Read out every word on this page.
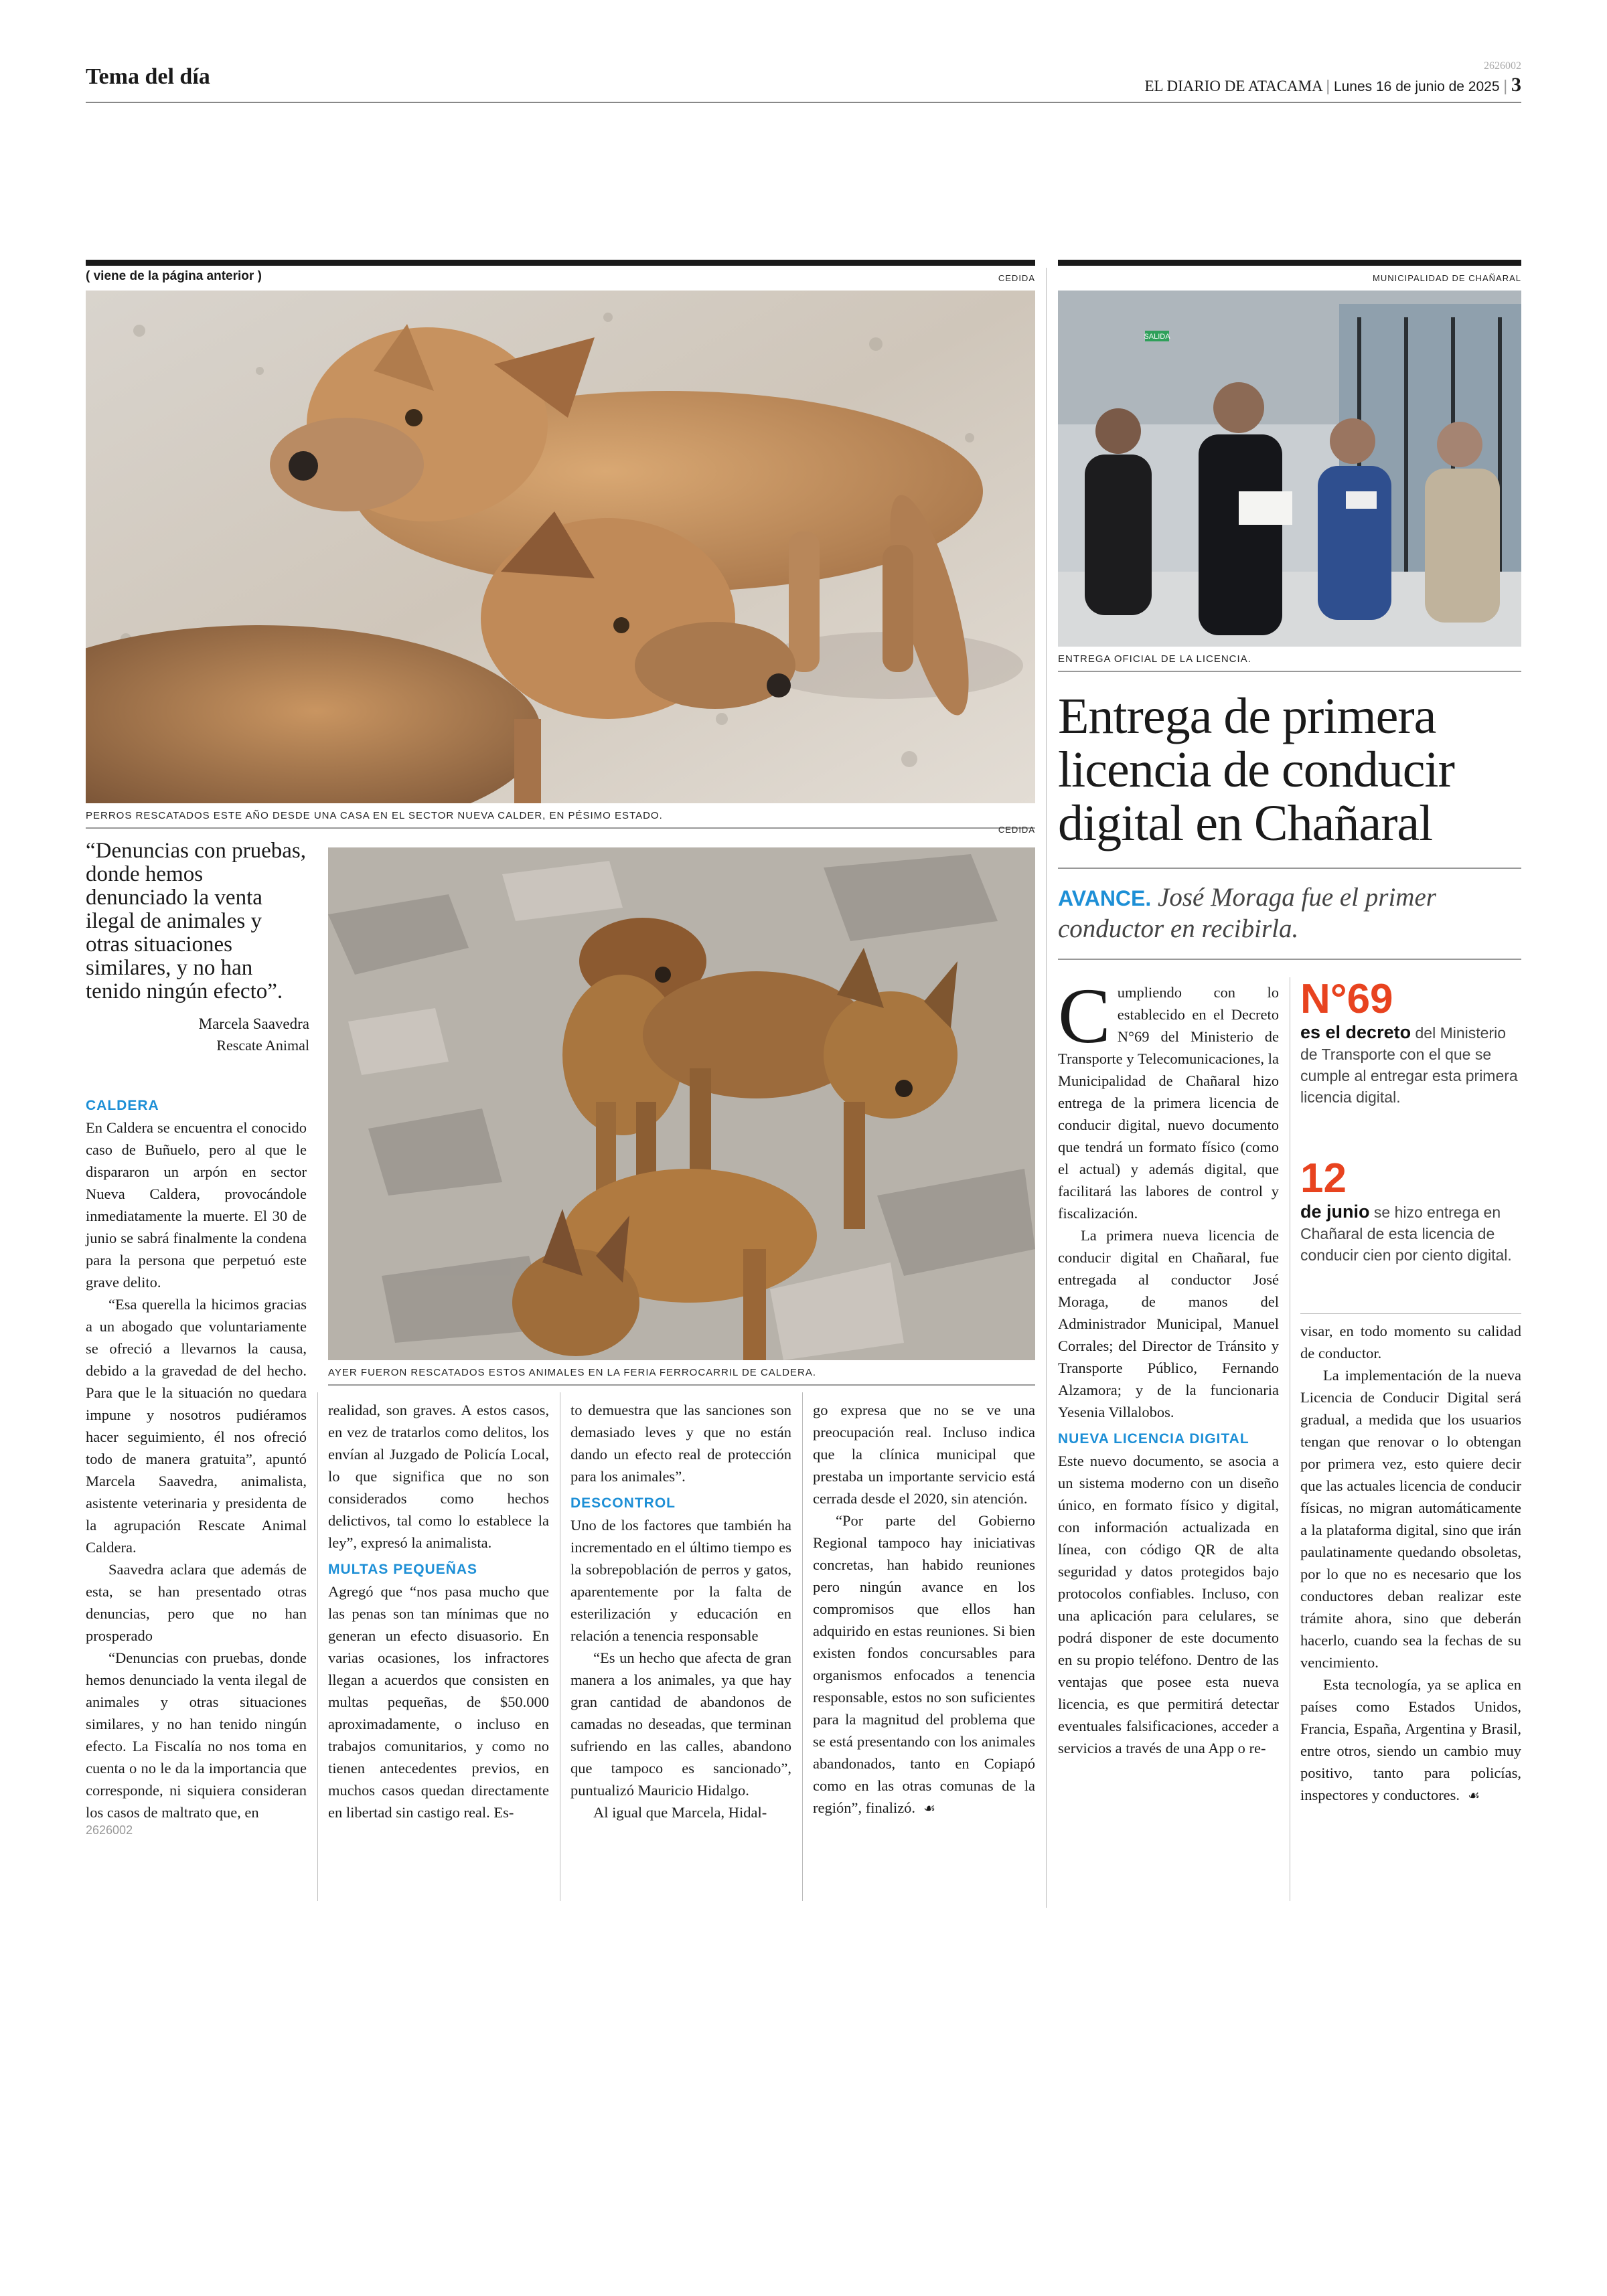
Tema del día	2626002
EL DIARIO DE ATACAMA | Lunes 16 de junio de 2025 | 3
( viene de la página anterior )	CEDIDA
PERROS RESCATADOS ESTE AÑO DESDE UNA CASA EN EL SECTOR NUEVA CALDER, EN PÉSIMO ESTADO.
CEDIDA
“Denuncias con pruebas, donde hemos denunciado la venta ilegal de animales y otras situaciones similares, y no han tenido ningún efecto”.
Marcela Saavedra
Rescate Animal
AYER FUERON RESCATADOS ESTOS ANIMALES EN LA FERIA FERROCARRIL DE CALDERA.
CALDERA

En Caldera se encuentra el conocido caso de Buñuelo, pero al que le dispararon un arpón en sector Nueva Caldera, provocándole inmediatamente la muerte. El 30 de junio se sabrá finalmente la condena para la persona que perpetuó este grave delito.

“Esa querella la hicimos gracias a un abogado que voluntariamente se ofreció a llevarnos la causa, debido a la gravedad de del hecho. Para que le la situación no quedara impune y nosotros pudiéramos hacer seguimiento, él nos ofreció todo de manera gratuita”, apuntó Marcela Saavedra, animalista, asistente veterinaria y presidenta de la agrupación Rescate Animal Caldera.

Saavedra aclara que además de esta, se han presentado otras denuncias, pero que no han prosperado

“Denuncias con pruebas, donde hemos denunciado la venta ilegal de animales y otras situaciones similares, y no han tenido ningún efecto. La Fiscalía no nos toma en cuenta o no le da la importancia que corresponde, ni siquiera consideran los casos de maltrato que, en

2626002

realidad, son graves. A estos casos, en vez de tratarlos como delitos, los envían al Juzgado de Policía Local, lo que significa que no son considerados como hechos delictivos, tal como lo establece la ley”, expresó la animalista.

MULTAS PEQUEÑAS

Agregó que “nos pasa mucho que las penas son tan mínimas que no generan un efecto disuasorio. En varias ocasiones, los infractores llegan a acuerdos que consisten en multas pequeñas, de $50.000 aproximadamente, o incluso en trabajos comunitarios, y como no tienen antecedentes previos, en muchos casos quedan directamente en libertad sin castigo real. Es-

to demuestra que las sanciones son demasiado leves y que no están dando un efecto real de protección para los animales”.

DESCONTROL

Uno de los factores que también ha incrementado en el último tiempo es la sobrepoblación de perros y gatos, aparentemente por la falta de esterilización y educación en relación a tenencia responsable

“Es un hecho que afecta de gran manera a los animales, ya que hay gran cantidad de abandonos de camadas no deseadas, que terminan sufriendo en las calles, abandono que tampoco es sancionado”, puntualizó Mauricio Hidalgo.

Al igual que Marcela, Hidal-

go expresa que no se ve una preocupación real. Incluso indica que la clínica municipal que prestaba un importante servicio está cerrada desde el 2020, sin atención.

“Por parte del Gobierno Regional tampoco hay iniciativas concretas, han habido reuniones pero ningún avance en los compromisos que ellos han adquirido en estas reuniones. Si bien existen fondos concursables para organismos enfocados a tenencia responsable, estos no son suficientes para la magnitud del problema que se está presentando con los animales abandonados, tanto en Copiapó como en las otras comunas de la región”, finalizó. ☙

MUNICIPALIDAD DE CHAÑARAL
SALIDA
ENTREGA OFICIAL DE LA LICENCIA.
Entrega de primera licencia de conducir digital en Chañaral
AVANCE. José Moraga fue el primer conductor en recibirla.

Cumpliendo con lo establecido en el Decreto N°69 del Ministerio de Transporte y Telecomunicaciones, la Municipalidad de Chañaral hizo entrega de la primera licencia de conducir digital, nuevo documento que tendrá un formato físico (como el actual) y además digital, que facilitará las labores de control y fiscalización.

La primera nueva licencia de conducir digital en Chañaral, fue entregada al conductor José Moraga, de manos del Administrador Municipal, Manuel Corrales; del Director de Tránsito y Transporte Público, Fernando Alzamora; y de la funcionaria Yesenia Villalobos.

NUEVA LICENCIA DIGITAL

Este nuevo documento, se asocia a un sistema moderno con un diseño único, en formato físico y digital, con información actualizada en línea, con código QR de alta seguridad y datos protegidos bajo protocolos confiables. Incluso, con una aplicación para celulares, se podrá disponer de este documento en su propio teléfono. Dentro de las ventajas que posee esta nueva licencia, es que permitirá detectar eventuales falsificaciones, acceder a servicios a través de una App o re-

N°69
es el decreto del Ministerio de Transporte con el que se cumple al entregar esta primera licencia digital.
12
de junio se hizo entrega en Chañaral de esta licencia de conducir cien por ciento digital.

visar, en todo momento su calidad de conductor.

La implementación de la nueva Licencia de Conducir Digital será gradual, a medida que los usuarios tengan que renovar o lo obtengan por primera vez, esto quiere decir que las actuales licencia de conducir físicas, no migran automáticamente a la plataforma digital, sino que irán paulatinamente quedando obsoletas, por lo que no es necesario que los conductores deban realizar este trámite ahora, sino que deberán hacerlo, cuando sea la fechas de su vencimiento.

Esta tecnología, ya se aplica en países como Estados Unidos, Francia, España, Argentina y Brasil, entre otros, siendo un cambio muy positivo, tanto para policías, inspectores y conductores. ☙
